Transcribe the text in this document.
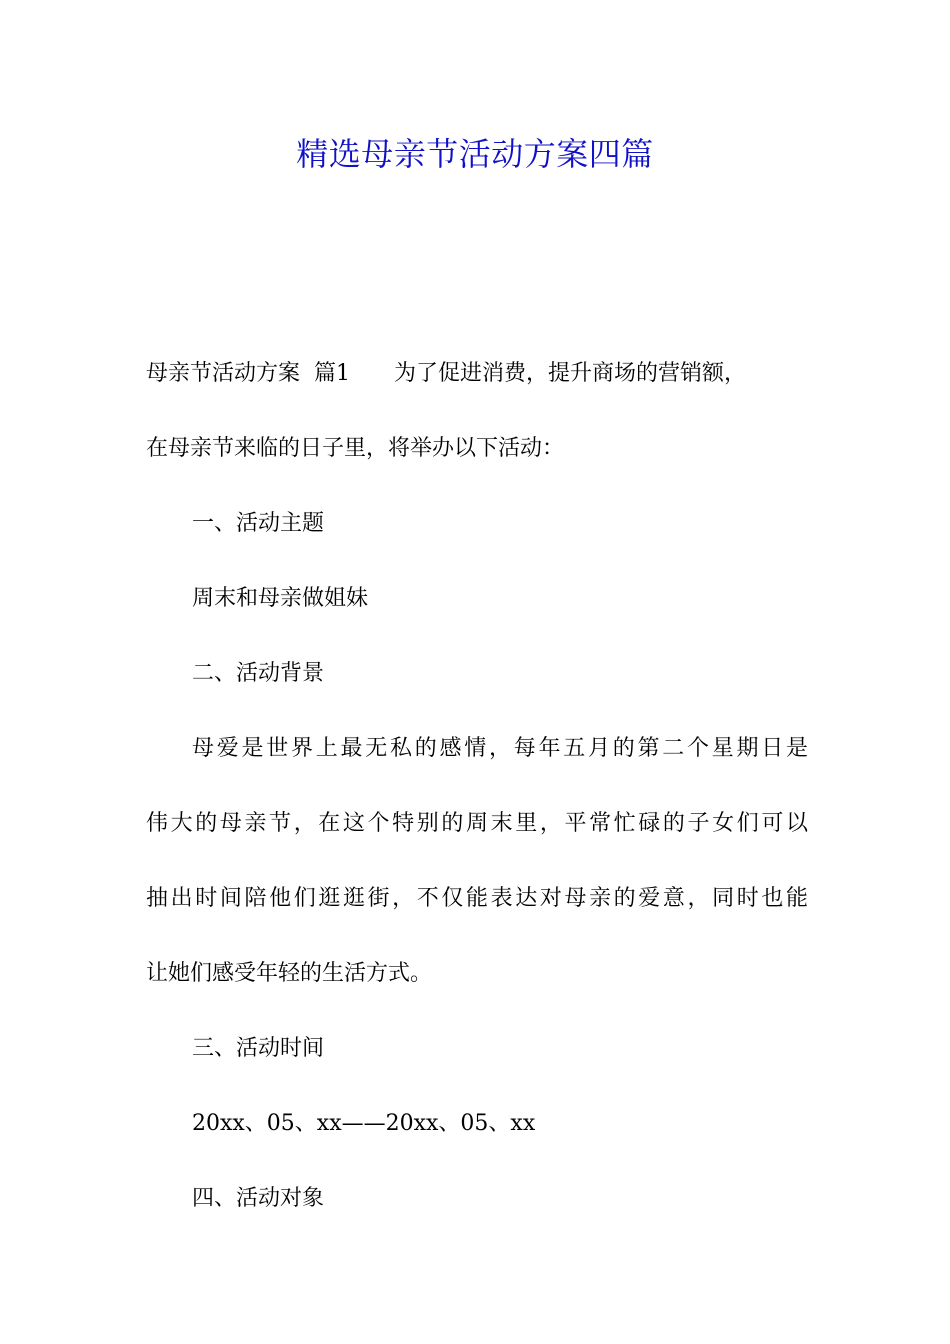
精选母亲节活动方案四篇
母亲节活动方案  篇1 为了促进消费，提升商场的营销额，
在母亲节来临的日子里，将举办以下活动：
一、活动主题
周末和母亲做姐妹
二、活动背景
母爱是世界上最无私的感情，每年五月的第二个星期日是
伟大的母亲节，在这个特别的周末里，平常忙碌的子女们可以
抽出时间陪他们逛逛街，不仅能表达对母亲的爱意，同时也能
让她们感受年轻的生活方式。
三、活动时间
20xx、05、xx——20xx、05、xx
四、活动对象
